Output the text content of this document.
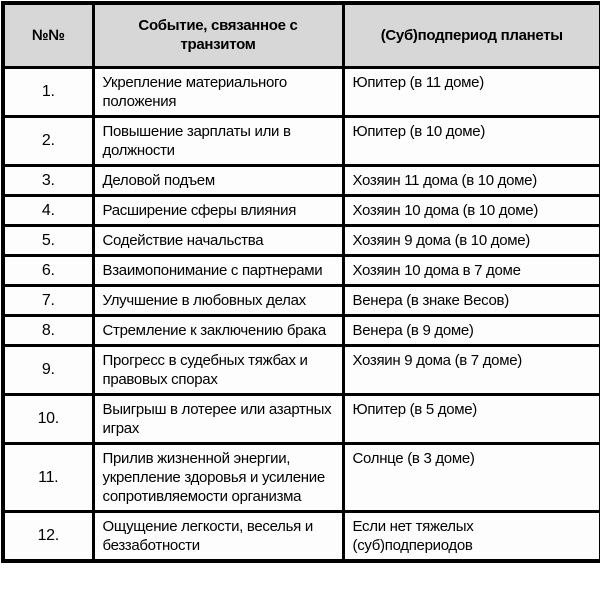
№№	Событие, связанное с транзитом	(Суб)подпериод планеты
1.	Укрепление материального положения	Юпитер (в 11 доме)
2.	Повышение зарплаты или в должности	Юпитер (в 10 доме)
3.	Деловой подъем	Хозяин 11 дома (в 10 доме)
4.	Расширение сферы влияния	Хозяин 10 дома (в 10 доме)
5.	Содействие начальства	Хозяин 9 дома (в 10 доме)
6.	Взаимопонимание с партнерами	Хозяин 10 дома в 7 доме
7.	Улучшение в любовных делах	Венера (в знаке Весов)
8.	Стремление к заключению брака	Венера (в 9 доме)
9.	Прогресс в судебных тяжбах и правовых спорах	Хозяин 9 дома (в 7 доме)
10.	Выигрыш в лотерее или азартных играх	Юпитер (в 5 доме)
11.	Прилив жизненной энергии, укрепление здоровья и усиление сопротивляемости организма	Солнце (в 3 доме)
12.	Ощущение легкости, веселья и беззаботности	Если нет тяжелых (суб)подпериодов
